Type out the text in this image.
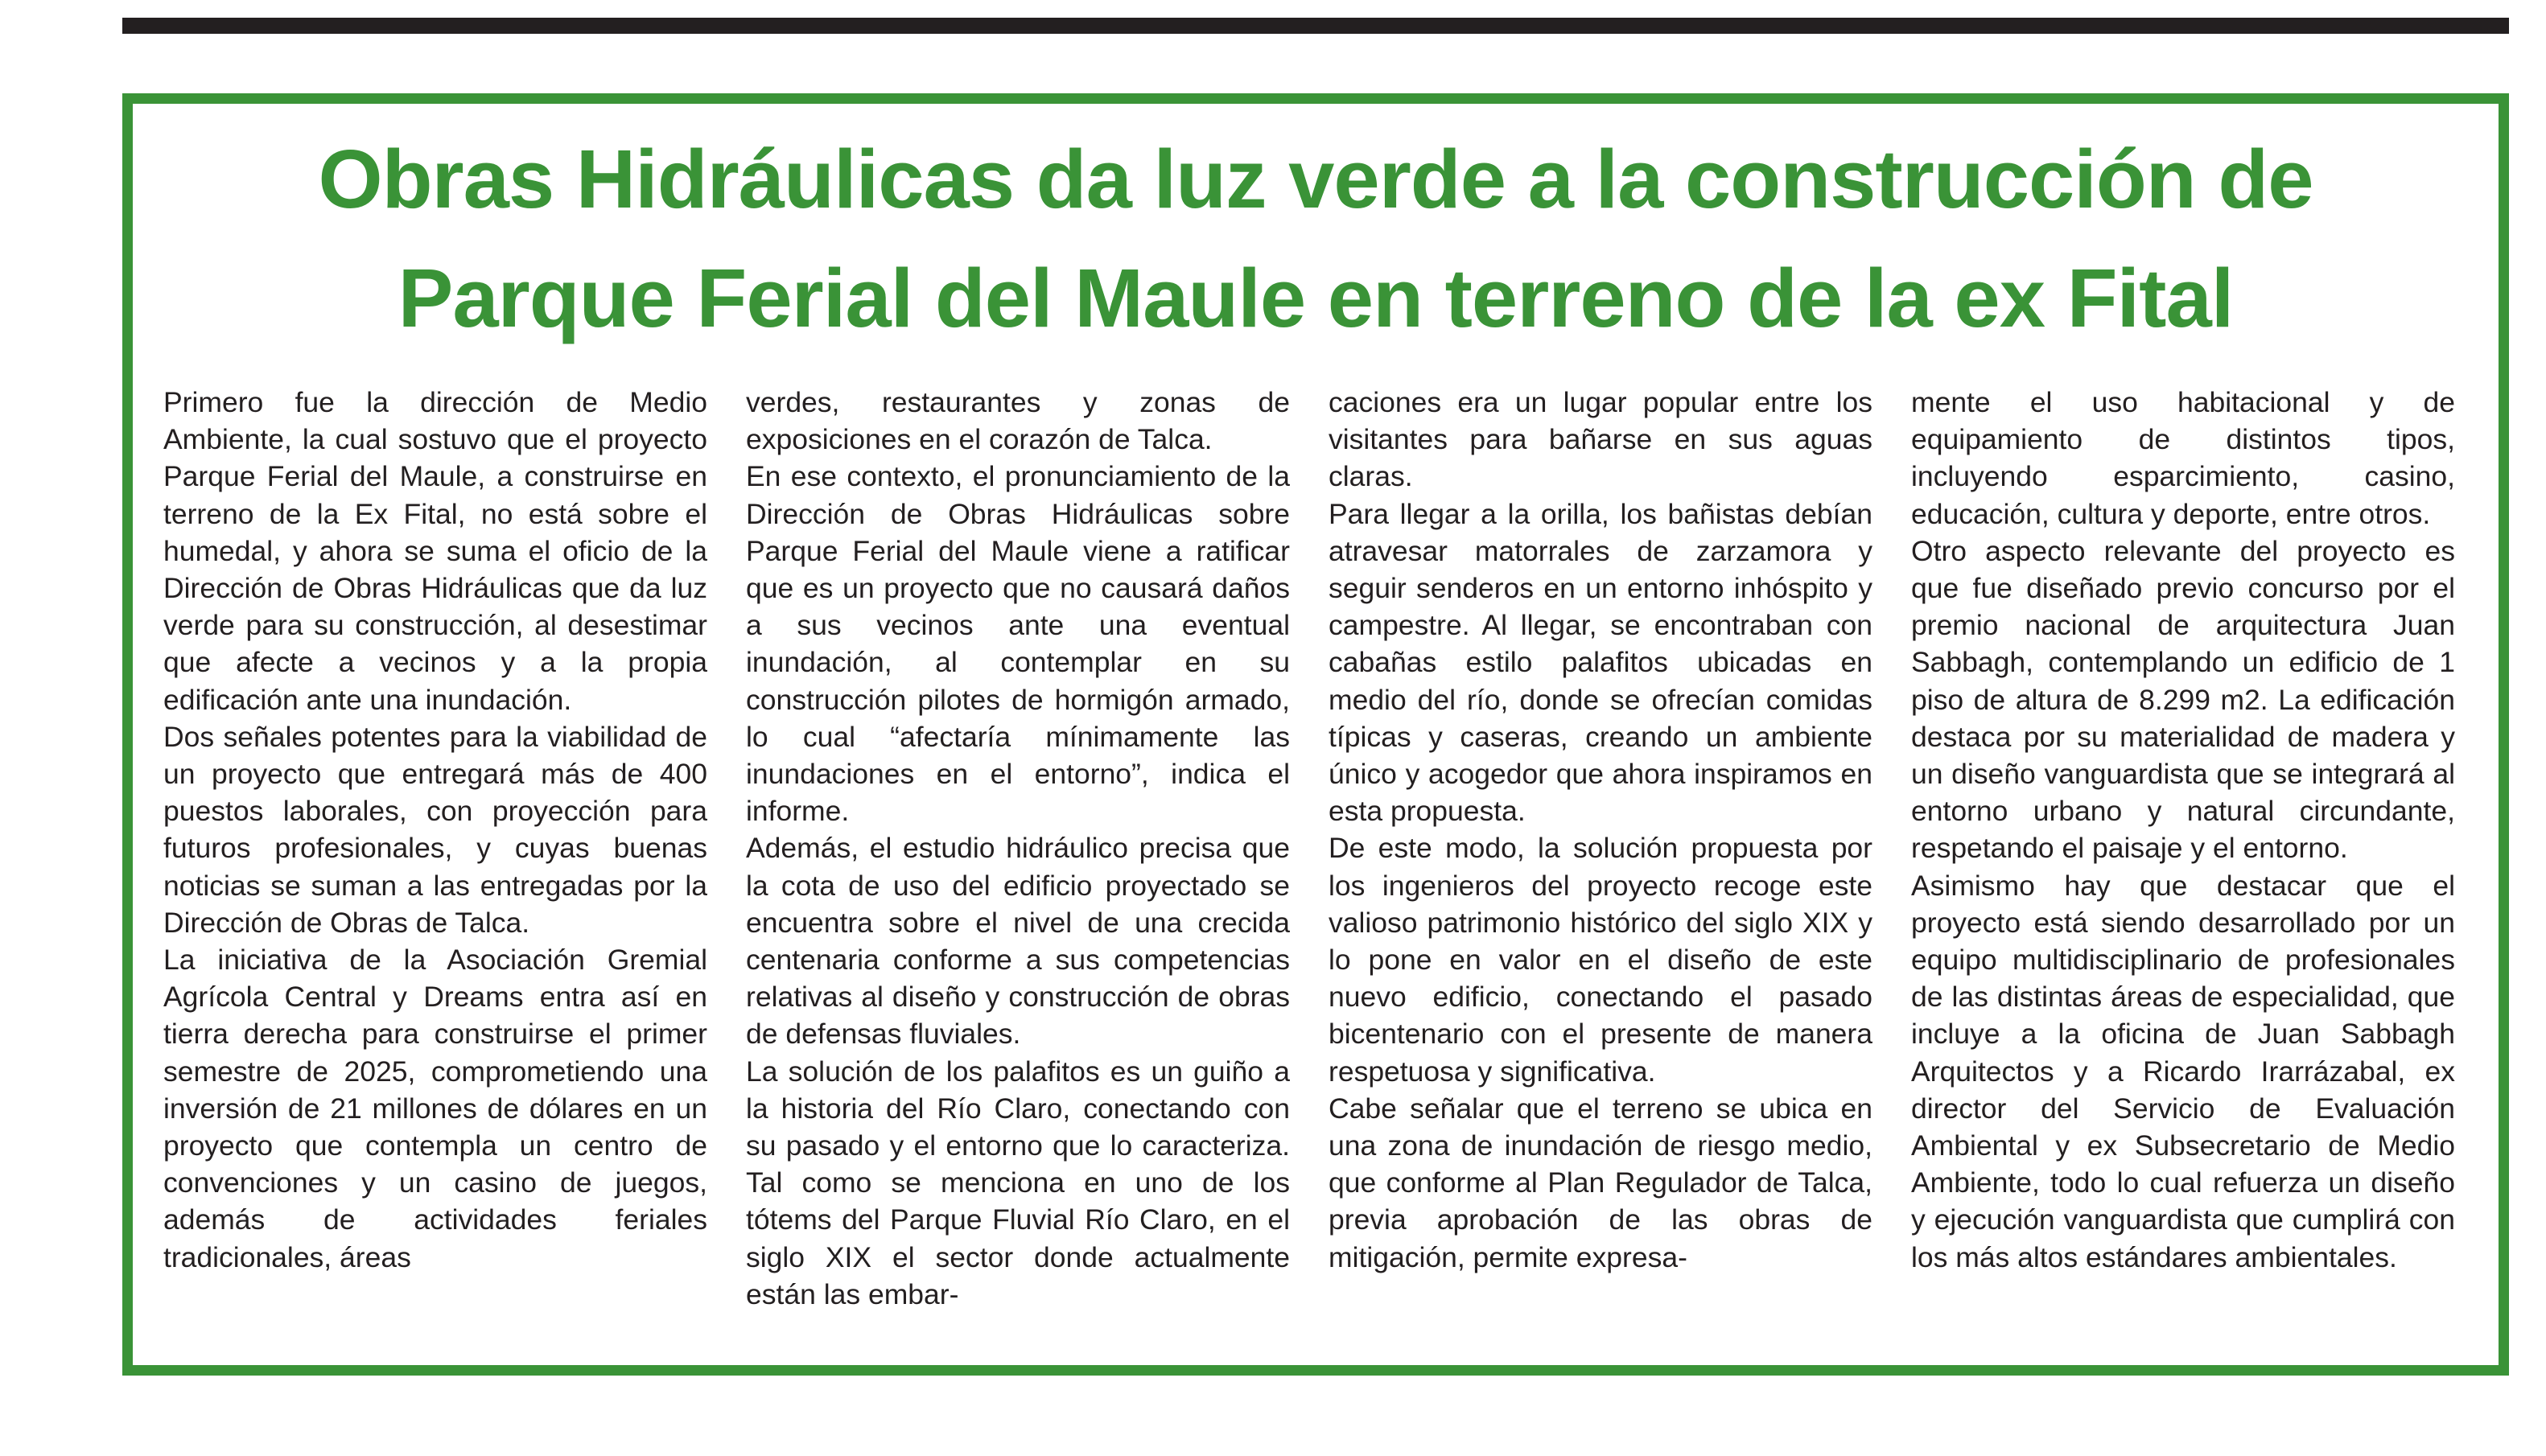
Obras Hidráulicas da luz verde a la construcción de
Parque Ferial del Maule en terreno de la ex Fital

Primero fue la dirección de Medio Ambiente, la cual sostuvo que el proyecto Parque Ferial del Maule, a construirse en terreno de la Ex Fital, no está sobre el humedal, y ahora se suma el oficio de la Dirección de Obras Hidráulicas que da luz verde para su construcción, al desestimar que afecte a vecinos y a la propia edificación ante una inundación.

Dos señales potentes para la viabilidad de un proyecto que entregará más de 400 puestos laborales, con proyección para futuros profesionales, y cuyas buenas noticias se suman a las entregadas por la Dirección de Obras de Talca.

La iniciativa de la Asociación Gremial Agrícola Central y Dreams entra así en tierra derecha para construirse el primer semestre de 2025, comprometiendo una inversión de 21 millones de dólares en un proyecto que contempla un centro de convenciones y un casino de juegos, además de actividades feriales tradicionales, áreas

verdes, restaurantes y zonas de exposiciones en el corazón de Talca.

En ese contexto, el pronunciamiento de la Dirección de Obras Hidráulicas sobre Parque Ferial del Maule viene a ratificar que es un proyecto que no causará daños a sus vecinos ante una eventual inundación, al contemplar en su construcción pilotes de hormigón armado, lo cual “afectaría mínimamente las inundaciones en el entorno”, indica el informe.

Además, el estudio hidráulico precisa que la cota de uso del edificio proyectado se encuentra sobre el nivel de una crecida centenaria conforme a sus competencias relativas al diseño y construcción de obras de defensas fluviales.

La solución de los palafitos es un guiño a la historia del Río Claro, conectando con su pasado y el entorno que lo caracteriza. Tal como se menciona en uno de los tótems del Parque Fluvial Río Claro, en el siglo XIX el sector donde actualmente están las embar-

caciones era un lugar popular entre los visitantes para bañarse en sus aguas claras.

Para llegar a la orilla, los bañistas debían atravesar matorrales de zarzamora y seguir senderos en un entorno inhóspito y campestre. Al llegar, se encontraban con cabañas estilo palafitos ubicadas en medio del río, donde se ofrecían comidas típicas y caseras, creando un ambiente único y acogedor que ahora inspiramos en esta propuesta.

De este modo, la solución propuesta por los ingenieros del proyecto recoge este valioso patrimonio histórico del siglo XIX y lo pone en valor en el diseño de este nuevo edificio, conectando el pasado bicentenario con el presente de manera respetuosa y significativa.

Cabe señalar que el terreno se ubica en una zona de inundación de riesgo medio, que conforme al Plan Regulador de Talca, previa aprobación de las obras de mitigación, permite expresa-

mente el uso habitacional y de equipamiento de distintos tipos, incluyendo esparcimiento, casino, educación, cultura y deporte, entre otros.

Otro aspecto relevante del proyecto es que fue diseñado previo concurso por el premio nacional de arquitectura Juan Sabbagh, contemplando un edificio de 1 piso de altura de 8.299 m2. La edificación destaca por su materialidad de madera y un diseño vanguardista que se integrará al entorno urbano y natural circundante, respetando el paisaje y el entorno.

Asimismo hay que destacar que el proyecto está siendo desarrollado por un equipo multidisciplinario de profesionales de las distintas áreas de especialidad, que incluye a la oficina de Juan Sabbagh Arquitectos y a Ricardo Irarrázabal, ex director del Servicio de Evaluación Ambiental y ex Subsecretario de Medio Ambiente, todo lo cual refuerza un diseño y ejecución vanguardista que cumplirá con los más altos estándares ambientales.
